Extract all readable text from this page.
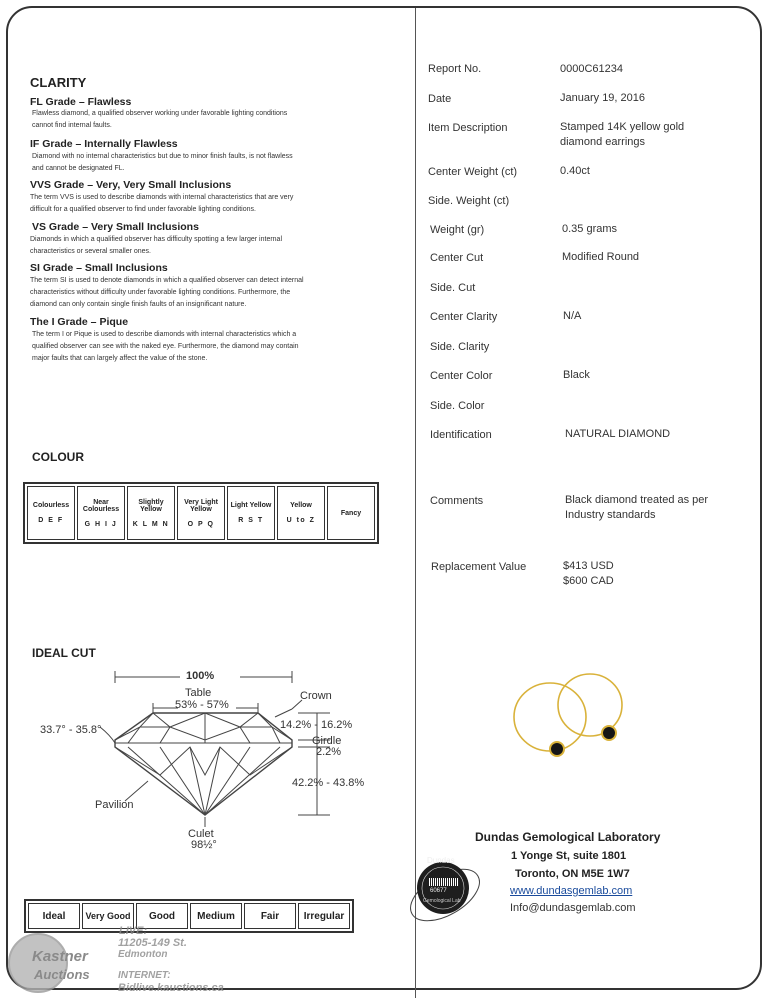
CLARITY
FL Grade – Flawless
Flawless diamond, a qualified observer working under favorable lighting conditions
cannot find internal faults.
IF Grade – Internally Flawless
Diamond with no internal characteristics but due to minor finish faults, is not flawless
and cannot be designated FL.
VVS Grade – Very, Very Small Inclusions
The term VVS is used to describe diamonds with internal characteristics that are very
difficult for a qualified observer to find under favorable lighting conditions.
VS Grade – Very Small Inclusions
Diamonds in which a qualified observer has difficulty spotting a few larger internal
characteristics or several smaller ones.
SI Grade – Small Inclusions
The term SI is used to denote diamonds in which a qualified observer can detect internal
characteristics without difficulty under favorable lighting conditions. Furthermore, the
diamond can only contain single finish faults of an insignificant nature.
The I Grade – Pique
The term I or Pique is used to describe diamonds with internal characteristics which a
qualified observer can see with the naked eye. Furthermore, the diamond may contain
major faults that can largely affect the value of the stone.
COLOUR
Colourless
D E F
	Near Colourless
G H I J
	Slightly Yellow
K L M N
	Very Light Yellow
O P Q
	Light Yellow
R S T
	Yellow
U to Z
	Fancy
IDEAL CUT
100%
Table
53% - 57%
Crown
33.7° - 35.8°	14.2% - 16.2%
Girdle
2.2%
42.2% - 43.8%
Pavilion
Culet
98½°
Ideal	Very Good	Good	Medium	Fair	Irregular
Report No.	0000C61234
Date	January 19, 2016
Item Description	Stamped 14K yellow gold
diamond earrings
Center Weight (ct)	0.40ct
Side. Weight (ct)
Weight (gr)	0.35 grams
Center Cut	Modified Round
Side. Cut
Center Clarity	N/A
Side. Clarity
Center Color	Black
Side. Color
Identification	NATURAL DIAMOND
Comments	Black diamond treated as per
Industry standards
Replacement Value	$413 USD
$600 CAD
Dundas Gemological Laboratory
1 Yonge St, suite 1801
Toronto, ON M5E 1W7
www.dundasgemlab.com
Info@dundasgemlab.com
Dundas
60677
Gemological Lab
Kastner
Auctions
LIVE:
11205-149 St.
Edmonton
INTERNET:
Bidlive.kauctions.ca
